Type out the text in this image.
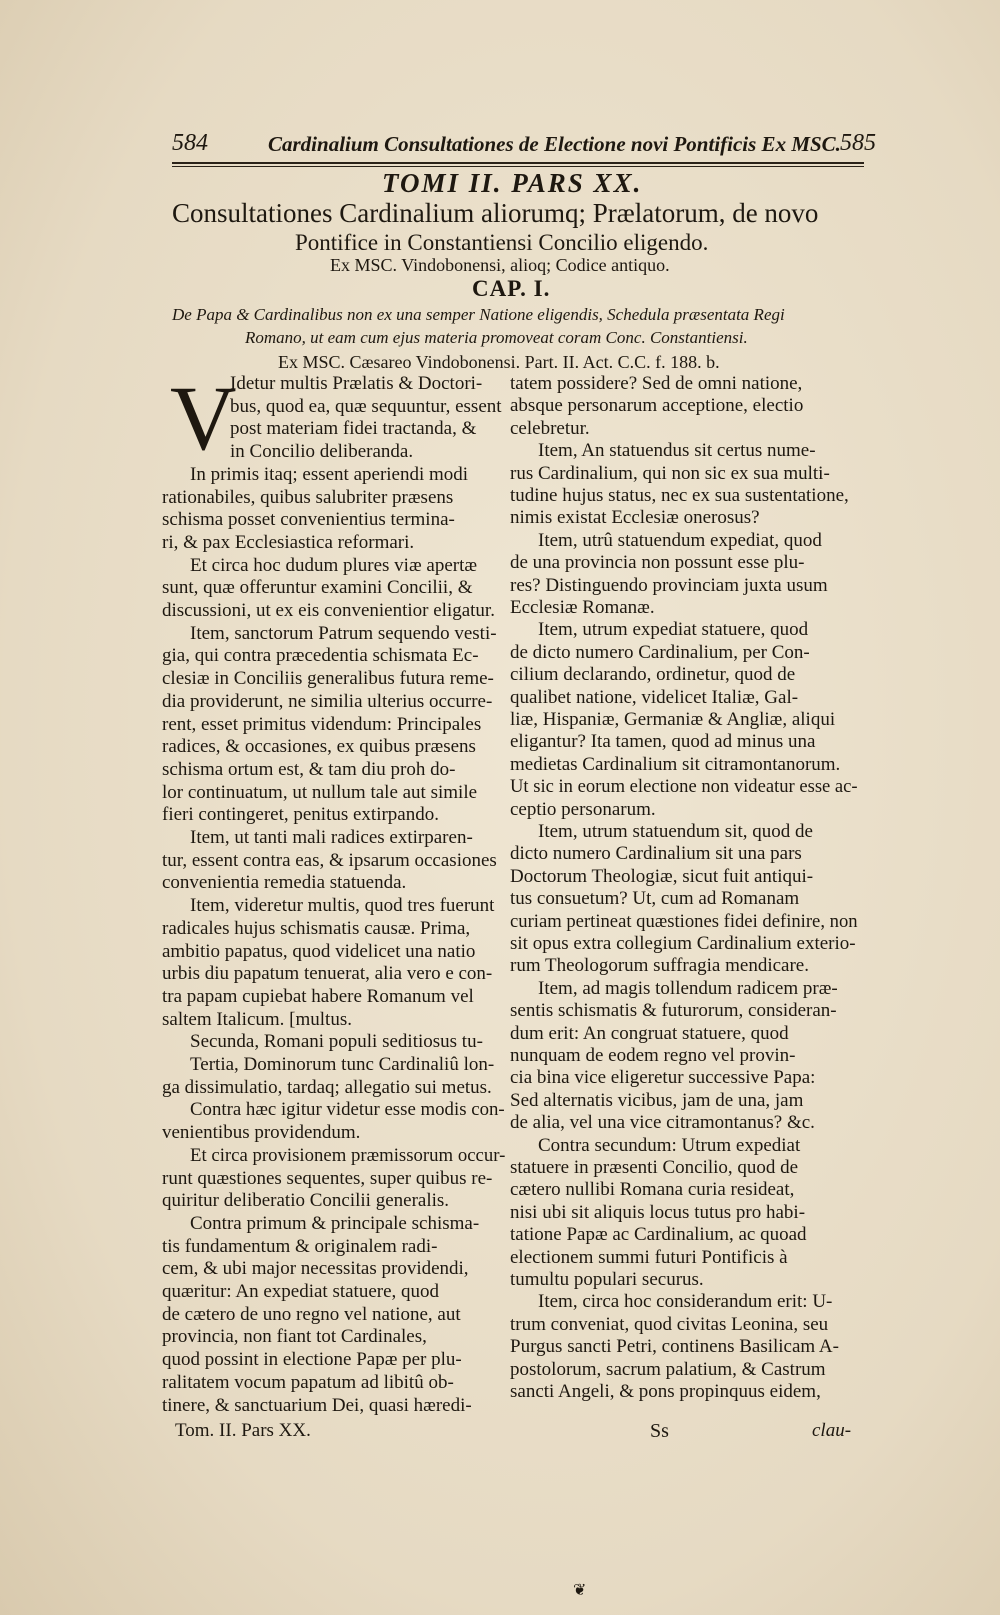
584	Cardinalium Consultationes de Electione novi Pontificis Ex MSC. 585
TOMI II. PARS XX.
Consultationes Cardinalium aliorumq; Prælatorum, de novo
Pontifice in Constantiensi Concilio eligendo.
Ex MSC. Vindobonensi, alioq; Codice antiquo.
CAP. I.
De Papa & Cardinalibus non ex una semper Natione eligendis, Schedula præsentata Regi
Romano, ut eam cum ejus materia promoveat coram Conc. Constantiensi.
Ex MSC. Cæsareo Vindobonensi. Part. II. Act. C.C. f. 188. b.
V
Idetur multis Prælatis & Doctori-
bus, quod ea, quæ sequuntur, essent
post materiam fidei tractanda, &
in Concilio deliberanda.
In primis itaq; essent aperiendi modi
rationabiles, quibus salubriter præsens
schisma posset convenientius termina-
ri, & pax Ecclesiastica reformari.
Et circa hoc dudum plures viæ apertæ
sunt, quæ offeruntur examini Concilii, &
discussioni, ut ex eis convenientior eligatur.
Item, sanctorum Patrum sequendo vesti-
gia, qui contra præcedentia schismata Ec-
clesiæ in Conciliis generalibus futura reme-
dia providerunt, ne similia ulterius occurre-
rent, esset primitus videndum: Principales
radices, & occasiones, ex quibus præsens
schisma ortum est, & tam diu proh do-
lor continuatum, ut nullum tale aut simile
fieri contingeret, penitus extirpando.
Item, ut tanti mali radices extirparen-
tur, essent contra eas, & ipsarum occasiones
convenientia remedia statuenda.
Item, videretur multis, quod tres fuerunt
radicales hujus schismatis causæ. Prima,
ambitio papatus, quod videlicet una natio
urbis diu papatum tenuerat, alia vero e con-
tra papam cupiebat habere Romanum vel
saltem Italicum. [multus.
Secunda, Romani populi seditiosus tu-
Tertia, Dominorum tunc Cardinaliû lon-
ga dissimulatio, tardaq; allegatio sui metus.
Contra hæc igitur videtur esse modis con-
venientibus providendum.
Et circa provisionem præmissorum occur-
runt quæstiones sequentes, super quibus re-
quiritur deliberatio Concilii generalis.
Contra primum & principale schisma-
tis fundamentum & originalem radi-
cem, & ubi major necessitas providendi,
quæritur: An expediat statuere, quod
de cætero de uno regno vel natione, aut
provincia, non fiant tot Cardinales,
quod possint in electione Papæ per plu-
ralitatem vocum papatum ad libitû ob-
tinere, & sanctuarium Dei, quasi hæredi-
tatem possidere? Sed de omni natione,
absque personarum acceptione, electio
celebretur.
Item, An statuendus sit certus nume-
rus Cardinalium, qui non sic ex sua multi-
tudine hujus status, nec ex sua sustentatione,
nimis existat Ecclesiæ onerosus?
Item, utrû statuendum expediat, quod
de una provincia non possunt esse plu-
res? Distinguendo provinciam juxta usum
Ecclesiæ Romanæ.
Item, utrum expediat statuere, quod
de dicto numero Cardinalium, per Con-
cilium declarando, ordinetur, quod de
qualibet natione, videlicet Italiæ, Gal-
liæ, Hispaniæ, Germaniæ & Angliæ, aliqui
eligantur? Ita tamen, quod ad minus una
medietas Cardinalium sit citramontanorum.
Ut sic in eorum electione non videatur esse ac-
ceptio personarum.
Item, utrum statuendum sit, quod de
dicto numero Cardinalium sit una pars
Doctorum Theologiæ, sicut fuit antiqui-
tus consuetum? Ut, cum ad Romanam
curiam pertineat quæstiones fidei definire, non
sit opus extra collegium Cardinalium exterio-
rum Theologorum suffragia mendicare.
Item, ad magis tollendum radicem præ-
sentis schismatis & futurorum, consideran-
dum erit: An congruat statuere, quod
nunquam de eodem regno vel provin-
cia bina vice eligeretur successive Papa:
Sed alternatis vicibus, jam de una, jam
de alia, vel una vice citramontanus? &c.
Contra secundum: Utrum expediat
statuere in præsenti Concilio, quod de
cætero nullibi Romana curia resideat,
nisi ubi sit aliquis locus tutus pro habi-
tatione Papæ ac Cardinalium, ac quoad
electionem summi futuri Pontificis à
tumultu populari securus.
Item, circa hoc considerandum erit: U-
trum conveniat, quod civitas Leonina, seu
Purgus sancti Petri, continens Basilicam A-
postolorum, sacrum palatium, & Castrum
sancti Angeli, & pons propinquus eidem,
Tom. II. Pars XX.	Ss	clau-
❦
